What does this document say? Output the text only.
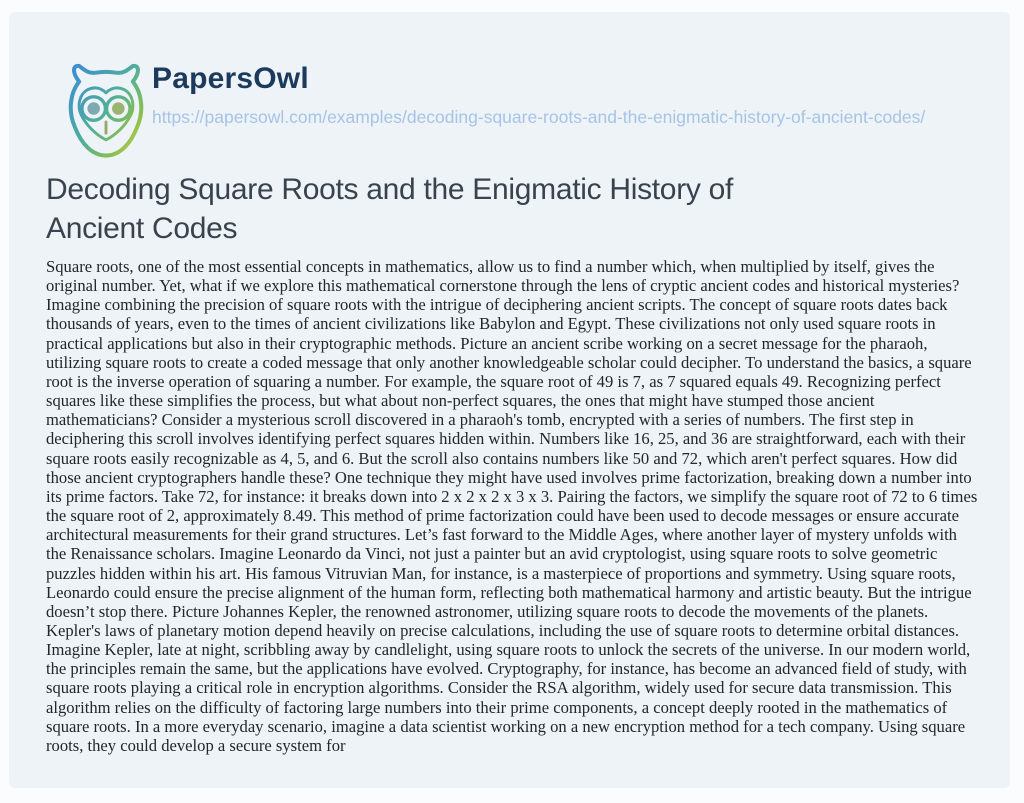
PapersOwl
https://papersowl.com/examples/decoding-square-roots-and-the-enigmatic-history-of-ancient-codes/
Decoding Square Roots and the Enigmatic History of Ancient Codes
Square roots, one of the most essential concepts in mathematics, allow us to find a number which, when multiplied by itself, gives the original number. Yet, what if we explore this mathematical cornerstone through the lens of cryptic ancient codes and historical mysteries? Imagine combining the precision of square roots with the intrigue of deciphering ancient scripts. The concept of square roots dates back thousands of years, even to the times of ancient civilizations like Babylon and Egypt. These civilizations not only used square roots in practical applications but also in their cryptographic methods. Picture an ancient scribe working on a secret message for the pharaoh, utilizing square roots to create a coded message that only another knowledgeable scholar could decipher. To understand the basics, a square root is the inverse operation of squaring a number. For example, the square root of 49 is 7, as 7 squared equals 49. Recognizing perfect squares like these simplifies the process, but what about non-perfect squares, the ones that might have stumped those ancient mathematicians? Consider a mysterious scroll discovered in a pharaoh's tomb, encrypted with a series of numbers. The first step in deciphering this scroll involves identifying perfect squares hidden within. Numbers like 16, 25, and 36 are straightforward, each with their square roots easily recognizable as 4, 5, and 6. But the scroll also contains numbers like 50 and 72, which aren't perfect squares. How did those ancient cryptographers handle these? One technique they might have used involves prime factorization, breaking down a number into its prime factors. Take 72, for instance: it breaks down into 2 x 2 x 2 x 3 x 3. Pairing the factors, we simplify the square root of 72 to 6 times the square root of 2, approximately 8.49. This method of prime factorization could have been used to decode messages or ensure accurate architectural measurements for their grand structures. Let’s fast forward to the Middle Ages, where another layer of mystery unfolds with the Renaissance scholars. Imagine Leonardo da Vinci, not just a painter but an avid cryptologist, using square roots to solve geometric puzzles hidden within his art. His famous Vitruvian Man, for instance, is a masterpiece of proportions and symmetry. Using square roots, Leonardo could ensure the precise alignment of the human form, reflecting both mathematical harmony and artistic beauty. But the intrigue doesn’t stop there. Picture Johannes Kepler, the renowned astronomer, utilizing square roots to decode the movements of the planets. Kepler's laws of planetary motion depend heavily on precise calculations, including the use of square roots to determine orbital distances. Imagine Kepler, late at night, scribbling away by candlelight, using square roots to unlock the secrets of the universe. In our modern world, the principles remain the same, but the applications have evolved. Cryptography, for instance, has become an advanced field of study, with square roots playing a critical role in encryption algorithms. Consider the RSA algorithm, widely used for secure data transmission. This algorithm relies on the difficulty of factoring large numbers into their prime components, a concept deeply rooted in the mathematics of square roots. In a more everyday scenario, imagine a data scientist working on a new encryption method for a tech company. Using square roots, they could develop a secure system for
